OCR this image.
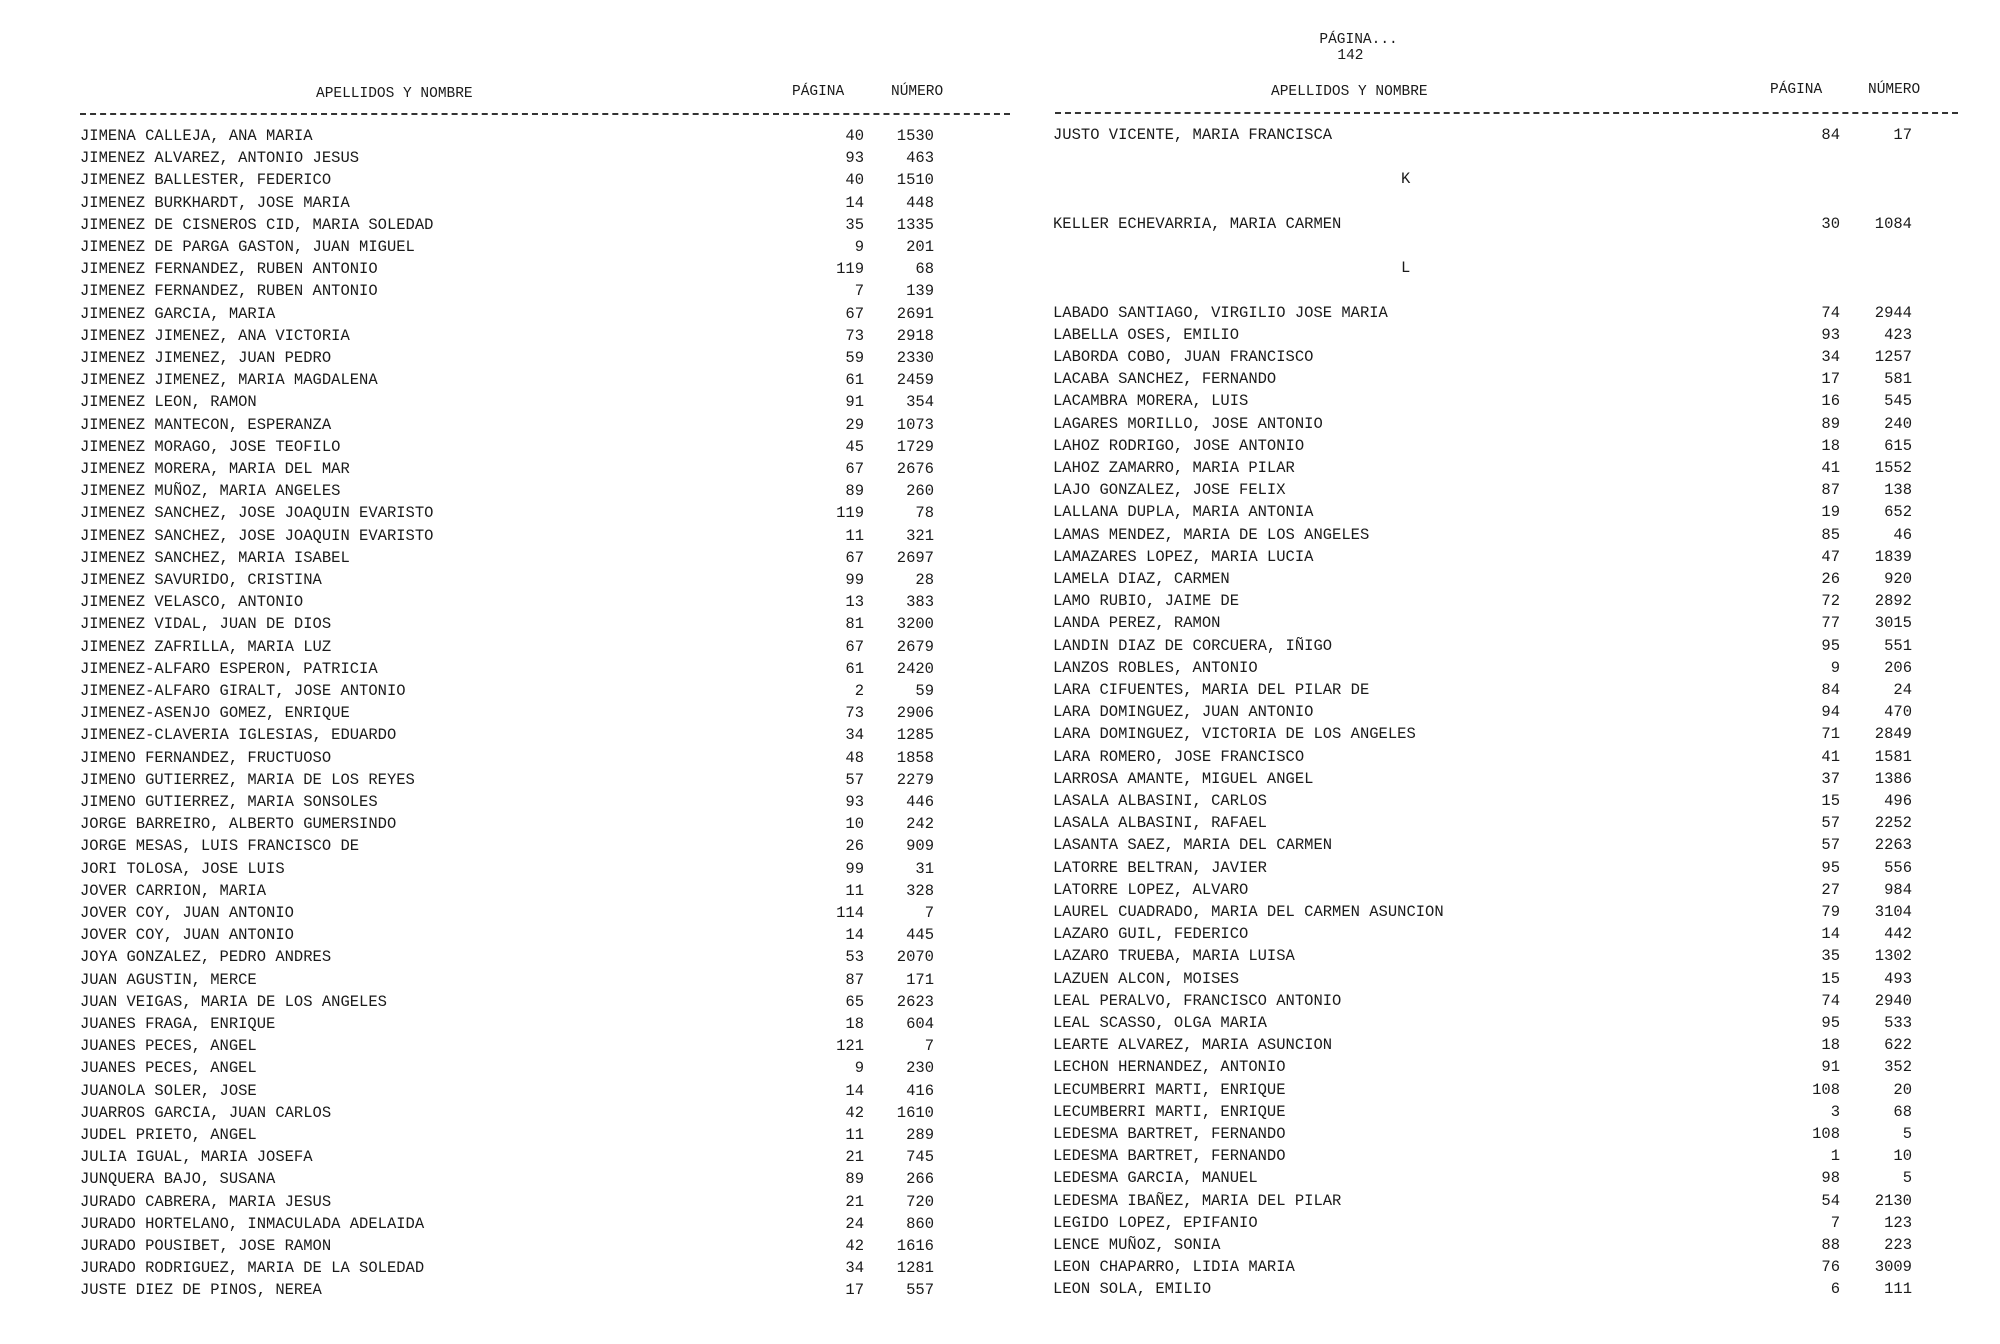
PÁGINA...
142

APELLIDOS Y NOMBRE	PÁGINA	NÚMERO	APELLIDOS Y NOMBRE	PÁGINA	NÚMERO
JIMENA CALLEJA, ANA MARIA	40	1530
JIMENEZ ALVAREZ, ANTONIO JESUS	93	463
JIMENEZ BALLESTER, FEDERICO	40	1510
JIMENEZ BURKHARDT, JOSE MARIA	14	448
JIMENEZ DE CISNEROS CID, MARIA SOLEDAD	35	1335
JIMENEZ DE PARGA GASTON, JUAN MIGUEL	9	201
JIMENEZ FERNANDEZ, RUBEN ANTONIO	119	68
JIMENEZ FERNANDEZ, RUBEN ANTONIO	7	139
JIMENEZ GARCIA, MARIA	67	2691
JIMENEZ JIMENEZ, ANA VICTORIA	73	2918
JIMENEZ JIMENEZ, JUAN PEDRO	59	2330
JIMENEZ JIMENEZ, MARIA MAGDALENA	61	2459
JIMENEZ LEON, RAMON	91	354
JIMENEZ MANTECON, ESPERANZA	29	1073
JIMENEZ MORAGO, JOSE TEOFILO	45	1729
JIMENEZ MORERA, MARIA DEL MAR	67	2676
JIMENEZ MUÑOZ, MARIA ANGELES	89	260
JIMENEZ SANCHEZ, JOSE JOAQUIN EVARISTO	119	78
JIMENEZ SANCHEZ, JOSE JOAQUIN EVARISTO	11	321
JIMENEZ SANCHEZ, MARIA ISABEL	67	2697
JIMENEZ SAVURIDO, CRISTINA	99	28
JIMENEZ VELASCO, ANTONIO	13	383
JIMENEZ VIDAL, JUAN DE DIOS	81	3200
JIMENEZ ZAFRILLA, MARIA LUZ	67	2679
JIMENEZ-ALFARO ESPERON, PATRICIA	61	2420
JIMENEZ-ALFARO GIRALT, JOSE ANTONIO	2	59
JIMENEZ-ASENJO GOMEZ, ENRIQUE	73	2906
JIMENEZ-CLAVERIA IGLESIAS, EDUARDO	34	1285
JIMENO FERNANDEZ, FRUCTUOSO	48	1858
JIMENO GUTIERREZ, MARIA DE LOS REYES	57	2279
JIMENO GUTIERREZ, MARIA SONSOLES	93	446
JORGE BARREIRO, ALBERTO GUMERSINDO	10	242
JORGE MESAS, LUIS FRANCISCO DE	26	909
JORI TOLOSA, JOSE LUIS	99	31
JOVER CARRION, MARIA	11	328
JOVER COY, JUAN ANTONIO	114	7
JOVER COY, JUAN ANTONIO	14	445
JOYA GONZALEZ, PEDRO ANDRES	53	2070
JUAN AGUSTIN, MERCE	87	171
JUAN VEIGAS, MARIA DE LOS ANGELES	65	2623
JUANES FRAGA, ENRIQUE	18	604
JUANES PECES, ANGEL	121	7
JUANES PECES, ANGEL	9	230
JUANOLA SOLER, JOSE	14	416
JUARROS GARCIA, JUAN CARLOS	42	1610
JUDEL PRIETO, ANGEL	11	289
JULIA IGUAL, MARIA JOSEFA	21	745
JUNQUERA BAJO, SUSANA	89	266
JURADO CABRERA, MARIA JESUS	21	720
JURADO HORTELANO, INMACULADA ADELAIDA	24	860
JURADO POUSIBET, JOSE RAMON	42	1616
JURADO RODRIGUEZ, MARIA DE LA SOLEDAD	34	1281
JUSTE DIEZ DE PINOS, NEREA	17	557
JUSTO VICENTE, MARIA FRANCISCA	84	17
K
KELLER ECHEVARRIA, MARIA CARMEN	30	1084
L
LABADO SANTIAGO, VIRGILIO JOSE MARIA	74	2944
LABELLA OSES, EMILIO	93	423
LABORDA COBO, JUAN FRANCISCO	34	1257
LACABA SANCHEZ, FERNANDO	17	581
LACAMBRA MORERA, LUIS	16	545
LAGARES MORILLO, JOSE ANTONIO	89	240
LAHOZ RODRIGO, JOSE ANTONIO	18	615
LAHOZ ZAMARRO, MARIA PILAR	41	1552
LAJO GONZALEZ, JOSE FELIX	87	138
LALLANA DUPLA, MARIA ANTONIA	19	652
LAMAS MENDEZ, MARIA DE LOS ANGELES	85	46
LAMAZARES LOPEZ, MARIA LUCIA	47	1839
LAMELA DIAZ, CARMEN	26	920
LAMO RUBIO, JAIME DE	72	2892
LANDA PEREZ, RAMON	77	3015
LANDIN DIAZ DE CORCUERA, IÑIGO	95	551
LANZOS ROBLES, ANTONIO	9	206
LARA CIFUENTES, MARIA DEL PILAR DE	84	24
LARA DOMINGUEZ, JUAN ANTONIO	94	470
LARA DOMINGUEZ, VICTORIA DE LOS ANGELES	71	2849
LARA ROMERO, JOSE FRANCISCO	41	1581
LARROSA AMANTE, MIGUEL ANGEL	37	1386
LASALA ALBASINI, CARLOS	15	496
LASALA ALBASINI, RAFAEL	57	2252
LASANTA SAEZ, MARIA DEL CARMEN	57	2263
LATORRE BELTRAN, JAVIER	95	556
LATORRE LOPEZ, ALVARO	27	984
LAUREL CUADRADO, MARIA DEL CARMEN ASUNCION	79	3104
LAZARO GUIL, FEDERICO	14	442
LAZARO TRUEBA, MARIA LUISA	35	1302
LAZUEN ALCON, MOISES	15	493
LEAL PERALVO, FRANCISCO ANTONIO	74	2940
LEAL SCASSO, OLGA MARIA	95	533
LEARTE ALVAREZ, MARIA ASUNCION	18	622
LECHON HERNANDEZ, ANTONIO	91	352
LECUMBERRI MARTI, ENRIQUE	108	20
LECUMBERRI MARTI, ENRIQUE	3	68
LEDESMA BARTRET, FERNANDO	108	5
LEDESMA BARTRET, FERNANDO	1	10
LEDESMA GARCIA, MANUEL	98	5
LEDESMA IBAÑEZ, MARIA DEL PILAR	54	2130
LEGIDO LOPEZ, EPIFANIO	7	123
LENCE MUÑOZ, SONIA	88	223
LEON CHAPARRO, LIDIA MARIA	76	3009
LEON SOLA, EMILIO	6	111
